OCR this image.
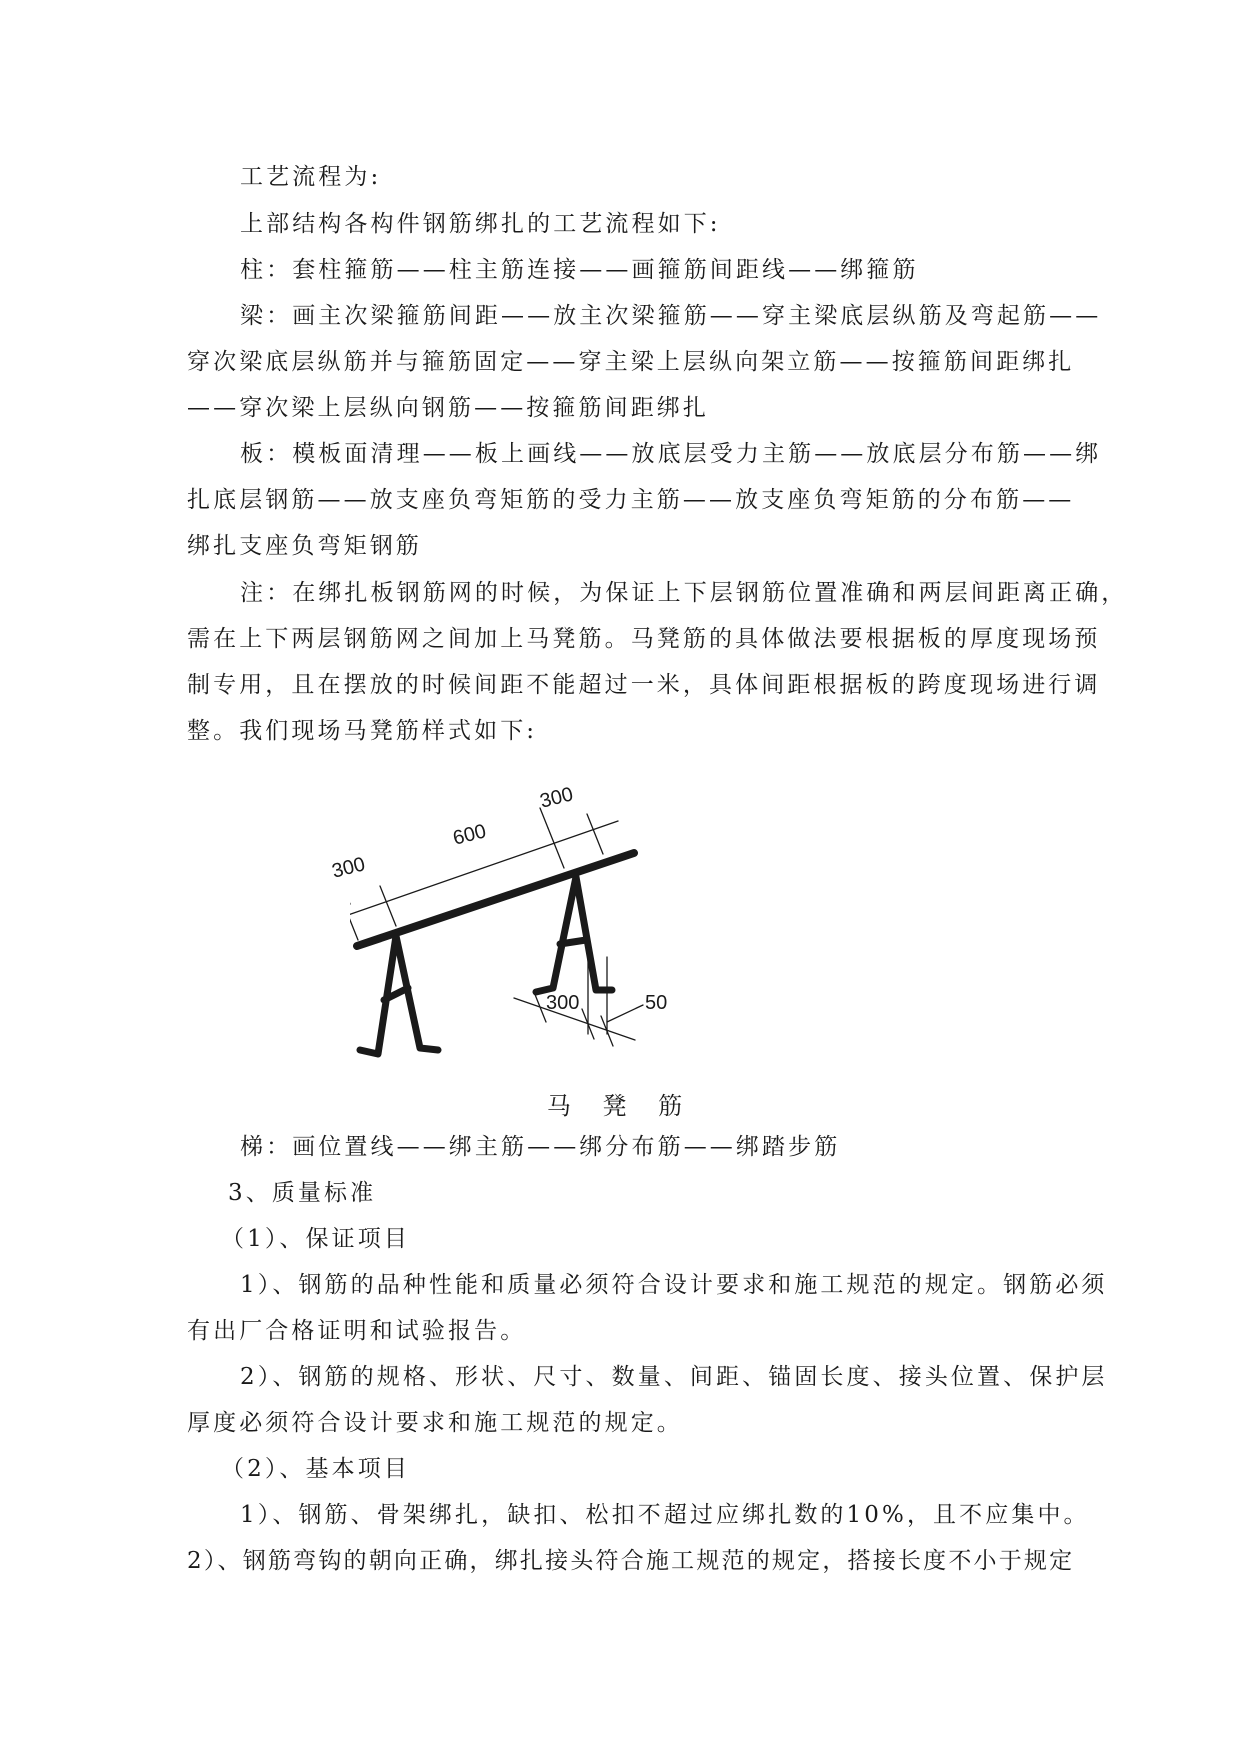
工艺流程为:
上部结构各构件钢筋绑扎的工艺流程如下:
柱：套柱箍筋——柱主筋连接——画箍筋间距线——绑箍筋
梁：画主次梁箍筋间距——放主次梁箍筋——穿主梁底层纵筋及弯起筋——
穿次梁底层纵筋并与箍筋固定——穿主梁上层纵向架立筋——按箍筋间距绑扎
——穿次梁上层纵向钢筋——按箍筋间距绑扎
板：模板面清理——板上画线——放底层受力主筋——放底层分布筋——绑
扎底层钢筋——放支座负弯矩筋的受力主筋——放支座负弯矩筋的分布筋——
绑扎支座负弯矩钢筋
注：在绑扎板钢筋网的时候，为保证上下层钢筋位置准确和两层间距离正确，
需在上下两层钢筋网之间加上马凳筋。马凳筋的具体做法要根据板的厚度现场预
制专用，且在摆放的时候间距不能超过一米，具体间距根据板的跨度现场进行调
整。我们现场马凳筋样式如下:
300
600
300
300	50
马 凳 筋
梯：画位置线——绑主筋——绑分布筋——绑踏步筋
3、质量标准
（1）、保证项目
1）、钢筋的品种性能和质量必须符合设计要求和施工规范的规定。钢筋必须
有出厂合格证明和试验报告。
2）、钢筋的规格、形状、尺寸、数量、间距、锚固长度、接头位置、保护层
厚度必须符合设计要求和施工规范的规定。
（2）、基本项目
1）、钢筋、骨架绑扎，缺扣、松扣不超过应绑扎数的10%，且不应集中。
2）、钢筋弯钩的朝向正确，绑扎接头符合施工规范的规定，搭接长度不小于规定
